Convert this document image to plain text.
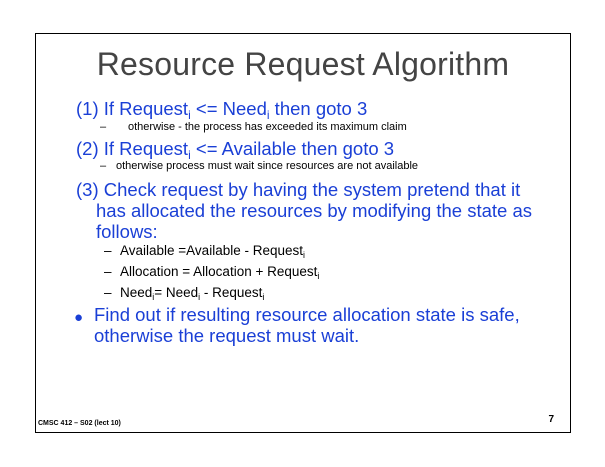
Resource Request Algorithm
(1) If Request$_i$ <= Need$_i$ then goto 3
– otherwise - the process has exceeded its maximum claim
(2) If Request$_i$ <= Available then goto 3
– otherwise process must wait since resources are not available
(3) Check request by having the system pretend that it
has allocated the resources by modifying the state as
follows:
– Available =Available - Request$_i$
– Allocation = Allocation + Request$_i$
– Need$_i$= Need$_i$ - Request$_i$
● Find out if resulting resource allocation state is safe,
otherwise the request must wait.
CMSC 412 – S02 (lect 10)	7
